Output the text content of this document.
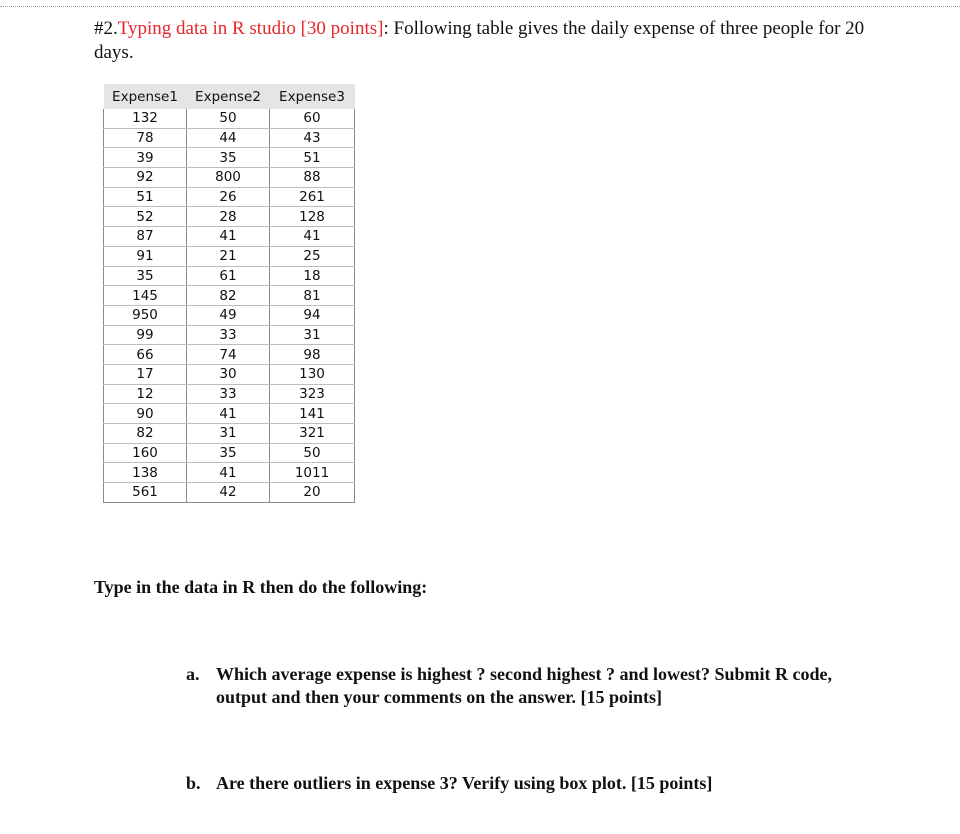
#2.Typing data in R studio [30 points]: Following table gives the daily expense of three people for 20 days.
Expense1	Expense2	Expense3
132	50	60
78	44	43
39	35	51
92	800	88
51	26	261
52	28	128
87	41	41
91	21	25
35	61	18
145	82	81
950	49	94
99	33	31
66	74	98
17	30	130
12	33	323
90	41	141
82	31	321
160	35	50
138	41	1011
561	42	20
Type in the data in R then do the following:
a. Which average expense is highest ? second highest ? and lowest? Submit R code, output and then your comments on the answer. [15 points]
b. Are there outliers in expense 3? Verify using box plot. [15 points]
